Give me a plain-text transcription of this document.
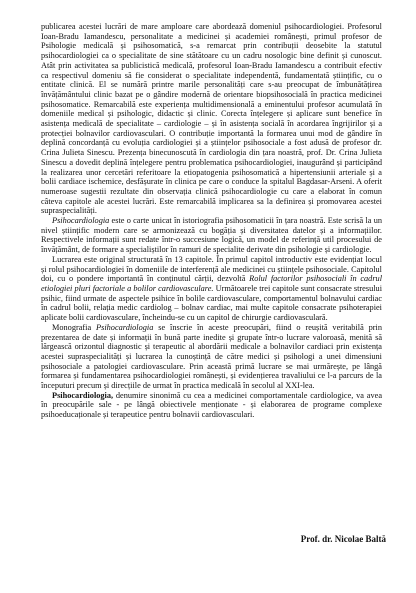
publicarea acestei lucrări de mare amploare care abordează domeniul psihocardiologiei. Profesorul Ioan-Bradu Iamandescu, personalitate a medicinei și academiei românești, primul profesor de Psihologie medicală și psihosomatică, s-a remarcat prin contribuții deosebite la statutul psihocardiologiei ca o specialitate de sine stătătoare cu un cadru nosologic bine definit și cunoscut. Atât prin activitatea sa publicistică medicală, profesorul Ioan-Bradu Iamandescu a contribuit efectiv ca respectivul domeniu să fie considerat o specialitate independentă, fundamentată științific, cu o entitate clinică. El se numără printre marile personalități care s-au preocupat de îmbunătățirea învățământului clinic bazat pe o gândire modernă de orientare biopsihosocială în practica medicinei psihosomatice. Remarcabilă este experiența multidimensională a eminentului profesor acumulată în domeniile medical și psihologic, didactic și clinic. Corecta înțelegere și aplicare sunt benefice în asistența medicală de specialitate – cardiologie – și în asistența socială în acordarea îngrijirilor și a protecției bolnavilor cardiovasculari. O contribuție importantă la formarea unui mod de gândire în deplină concordanță cu evoluția cardiologiei și a științelor psihosociale a fost adusă de profesor dr. Crina Julieta Sinescu. Prezența binecunoscută în cardiologia din țara noastră, prof. Dr. Crina Julieta Sinescu a dovedit deplină înțelegere pentru problematica psihocardiologiei, inaugurând și participând la realizarea unor cercetări referitoare la etiopatogenia psihosomatică a hipertensiunii arteriale și a bolii cardiace ischemice, desfășurate în clinica pe care o conduce la spitalul Bagdasar-Arseni. A oferit numeroase sugestii rezultate din observația clinică psihocardiologie cu care a elaborat în comun câteva capitole ale acestei lucrări. Este remarcabilă implicarea sa la definirea și promovarea acestei supraspecialități.

Psihocardiologia este o carte unicat în istoriografia psihosomaticii în țara noastră. Este scrisă la un nivel științific modern care se armonizează cu bogăția și diversitatea datelor și a informațiilor. Respectivele informații sunt redate într-o succesiune logică, un model de referință util procesului de învățământ, de formare a specialiștilor în ramuri de specialite derivate din psihologie și cardiologie.

Lucrarea este original structurată în 13 capitole. În primul capitol introductiv este evidențiat locul și rolul psihocardiologiei în domeniile de interferență ale medicinei cu științele psihosociale. Capitolul doi, cu o pondere importantă în conținutul cărții, dezvoltă Rolul factorilor psihosociali în cadrul etiologiei pluri factoriale a bolilor cardiovasculare. Următoarele trei capitole sunt consacrate stresului psihic, fiind urmate de aspectele psihice în bolile cardiovasculare, comportamentul bolnavului cardiac în cadrul bolii, relația medic cardiolog – bolnav cardiac, mai multe capitole consacrate psihoterapiei aplicate bolii cardiovasculare, încheindu-se cu un capitol de chirurgie cardiovasculară.

Monografia Psihocardiologia se înscrie în aceste preocupări, fiind o reușită veritabilă prin prezentarea de date și informații în bună parte inedite și grupate într-o lucrare valoroasă, menită să lărgească orizontul diagnostic și terapeutic al abordării medicale a bolnavilor cardiaci prin existența acestei supraspecialități și lucrarea la cunoștință de către medici și psihologi a unei dimensiuni psihosociale a patologiei cardiovasculare. Prin această primă lucrare se mai urmărește, pe lângă formarea și fundamentarea psihocardiologiei românești, și evidențierea travaliului ce l-a parcurs de la începuturi precum și direcțiile de urmat în practica medicală în secolul al XXI-lea.

Psihocardiologia, denumire sinonimă cu cea a medicinei comportamentale cardiologice, va avea în preocupările sale - pe lângă obiectivele menționate - și elaborarea de programe complexe psihoeducaționale și terapeutice pentru bolnavii cardiovasculari.

Prof. dr. Nicolae Baltă
